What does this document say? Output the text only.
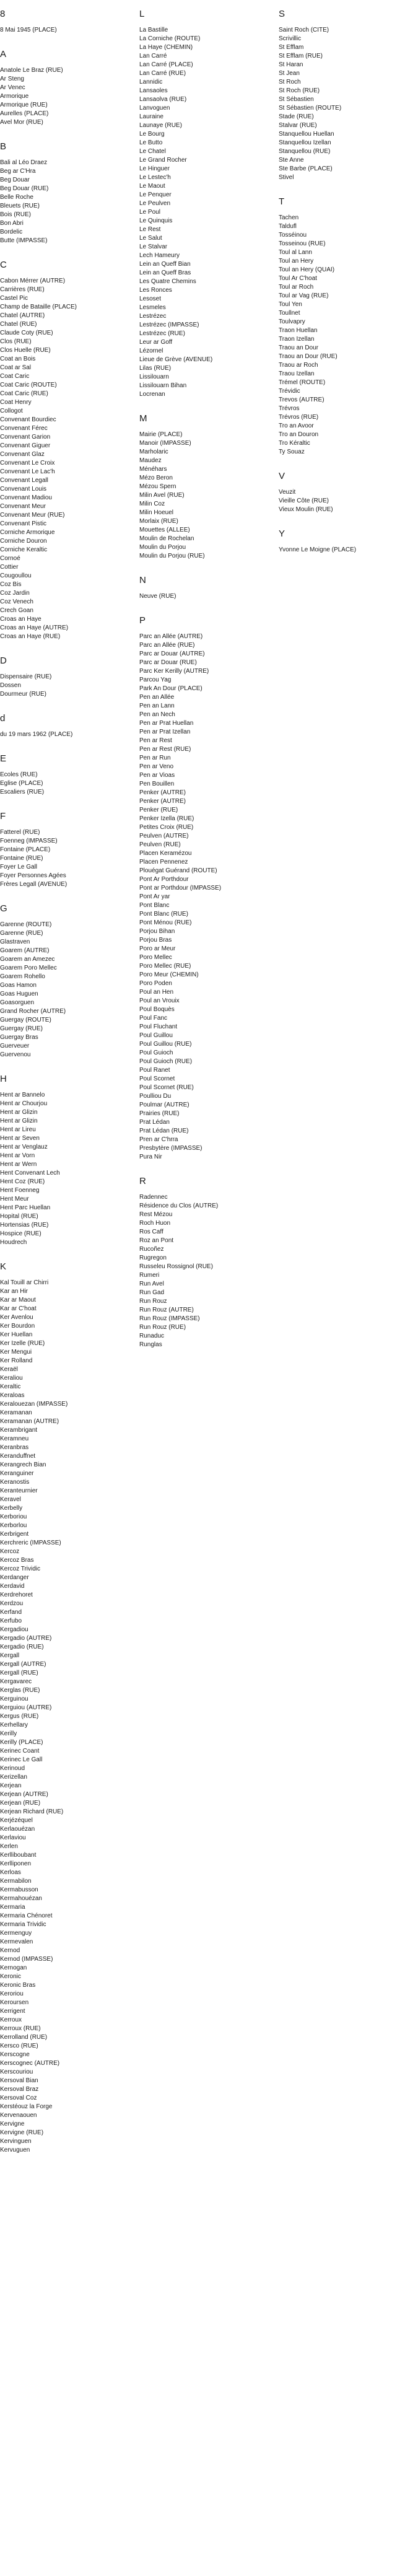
8
8 Mai 1945 (PLACE)
A
Anatole Le Braz (RUE)
Ar Steng
Ar Venec
Armorique
Armorique (RUE)
Aurelles (PLACE)
Avel Mor (RUE)
B
Bali al Léo Draez
Beg ar C'Hra
Beg Douar
Beg Douar (RUE)
Belle Roche
Bleuets (RUE)
Bois (RUE)
Bon Abri
Bordelic
Butte (IMPASSE)
C
Cabon Mérrer (AUTRE)
Carrières (RUE)
Castel Pic
Champ de Bataille (PLACE)
Chatel (AUTRE)
Chatel (RUE)
Claude Coty (RUE)
Clos (RUE)
Clos Huelle (RUE)
Coat an Bois
Coat ar Sal
Coat Caric
Coat Caric (ROUTE)
Coat Caric (RUE)
Coat Henry
Collogot
Convenant Bourdiec
Convenant Férec
Convenant Garion
Convenant Giguer
Convenant Glaz
Convenant Le Croix
Convenant Le Lac'h
Convenant Legall
Convenant Louis
Convenant Madiou
Convenant Meur
Convenant Meur (RUE)
Convenant Pistic
Corniche Armorique
Corniche Douron
Corniche Keraltic
Cornoé
Cottier
Cougoullou
Coz Bis
Coz Jardin
Coz Venech
Crech Goan
Croas an Haye
Croas an Haye (AUTRE)
Croas an Haye (RUE)
D
Dispensaire (RUE)
Dossen
Dourmeur (RUE)
d
du 19 mars 1962 (PLACE)
E
Ecoles (RUE)
Eglise (PLACE)
Escaliers (RUE)
F
Fatterel (RUE)
Foenneg (IMPASSE)
Fontaine (PLACE)
Fontaine (RUE)
Foyer Le Gall
Foyer Personnes Agées
Frères Legall (AVENUE)
G
Garenne (ROUTE)
Garenne (RUE)
Glastraven
Goarem (AUTRE)
Goarem an Amezec
Goarem Poro Mellec
Goarem Rohello
Goas Hamon
Goas Huguen
Goasorguen
Grand Rocher (AUTRE)
Guergay (ROUTE)
Guergay (RUE)
Guergay Bras
Guerveuer
Guervenou
H
Hent ar Bannelo
Hent ar Chourjou
Hent ar Glizin
Hent ar Glizin
Hent ar Lireu
Hent ar Seven
Hent ar Venglauz
Hent ar Vorn
Hent ar Wern
Hent Convenant Lech
Hent Coz (RUE)
Hent Foenneg
Hent Meur
Hent Parc Huellan
Hopital (RUE)
Hortensias (RUE)
Hospice (RUE)
Houdrech
K
Kal Touill ar Chirri
Kar an Hir
Kar ar Maout
Kar ar C'hoat
Ker Avenlou
Ker Bourdon
Ker Huellan
Ker Izelle (RUE)
Ker Mengui
Ker Rolland
Keraël
Keraliou
Keraltic
Keraloas
Keralouezan (IMPASSE)
Keramanan
Keramanan (AUTRE)
Kerambrigant
Keramneu
Keranbras
Keranduffnet
Kerangrech Bian
Keranguiner
Keranostis
Keranteurnier
Keravel
Kerbelly
Kerboriou
Kerborlou
Kerbrigent
Kerchreric (IMPASSE)
Kercoz
Kercoz Bras
Kercoz Trividic
Kerdanger
Kerdavid
Kerdrehoret
Kerdzou
Kerfand
Kerfubo
Kergadiou
Kergadio (AUTRE)
Kergadio (RUE)
Kergall
Kergall (AUTRE)
Kergall (RUE)
Kergavarec
Kerglas (RUE)
Kerguinou
Kerguiou (AUTRE)
Kergus (RUE)
Kerhellary
Kerilly
Kerilly (PLACE)
Kerinec Coant
Kerinec Le Gall
Kerinoud
Kerizellan
Kerjean
Kerjean (AUTRE)
Kerjean (RUE)
Kerjean Richard (RUE)
Kerjézéquel
Kerlaouézan
Kerlaviou
Kerlen
Kerlliboubant
Kerlliponen
Kerloas
Kermabilon
Kermabusson
Kermahouézan
Kermaria
Kermaria Chénoret
Kermaria Trividic
Kermenguy
Kermevalen
Kernod
Kernod (IMPASSE)
Kernogan
Keronic
Keronic Bras
Keroriou
Keroursen
Kerrigent
Kerroux
Kerroux (RUE)
Kerrolland (RUE)
Kersco (RUE)
Kerscogne
Kerscognec (AUTRE)
Kerscouriou
Kersoval Bian
Kersoval Braz
Kersoval Coz
Kerstéouz la Forge
Kervenaouen
Kervigne
Kervigne (RUE)
Kervinguen
Kervuguen
L
La Bastille
La Corniche (ROUTE)
La Haye (CHEMIN)
Lan Carré
Lan Carré (PLACE)
Lan Carré (RUE)
Lannidic
Lansaoles
Lansaolva (RUE)
Lanvoguen
Lauraine
Launaye (RUE)
Le Bourg
Le Butto
Le Chatel
Le Grand Rocher
Le Hinguer
Le Lestec'h
Le Maout
Le Penquer
Le Peulven
Le Poul
Le Quinquis
Le Rest
Le Salut
Le Stalvar
Lech Hameury
Lein an Queff Bian
Lein an Queff Bras
Les Quatre Chemins
Les Ronces
Lesoset
Lesmeles
Lestrézec
Lestrézec (IMPASSE)
Lestrézec (RUE)
Leur ar Goff
Lézornel
Lieue de Grève (AVENUE)
Lilas (RUE)
Lissilouarn
Lissilouarn Bihan
Locrenan
M
Mairie (PLACE)
Manoir (IMPASSE)
Marholaric
Maudez
Ménéhars
Mézo Beron
Mézou Spern
Milin Avel (RUE)
Milin Coz
Milin Hoeuel
Morlaix (RUE)
Mouettes (ALLEE)
Moulin de Rochelan
Moulin du Porjou
Moulin du Porjou (RUE)
N
Neuve (RUE)
P
Parc an Allée (AUTRE)
Parc an Allée (RUE)
Parc ar Douar (AUTRE)
Parc ar Douar (RUE)
Parc Ker Kerilly (AUTRE)
Parcou Yag
Park An Dour (PLACE)
Pen an Allée
Pen an Lann
Pen an Nech
Pen ar Prat Huellan
Pen ar Prat Izellan
Pen ar Rest
Pen ar Rest (RUE)
Pen ar Run
Pen ar Veno
Pen ar Vioas
Pen Bouillen
Penker (AUTRE)
Penker (AUTRE)
Penker (RUE)
Penker Izella (RUE)
Petites Croix (RUE)
Peulven (AUTRE)
Peulven (RUE)
Placen Keramézou
Placen Pennenez
Plouégat Guérand (ROUTE)
Pont Ar Porthdour
Pont ar Porthdour (IMPASSE)
Pont Ar yar
Pont Blanc
Pont Blanc (RUE)
Pont Ménou (RUE)
Porjou Bihan
Porjou Bras
Poro ar Meur
Poro Mellec
Poro Mellec (RUE)
Poro Meur (CHEMIN)
Poro Poden
Poul an Hen
Poul an Vrouix
Poul Boquès
Poul Fanc
Poul Fluchant
Poul Guillou
Poul Guillou (RUE)
Poul Guioch
Poul Guioch (RUE)
Poul Ranet
Poul Scornet
Poul Scornet (RUE)
Poulliou Du
Poulmar (AUTRE)
Prairies (RUE)
Prat Lédan
Prat Lédan (RUE)
Pren ar C'hrra
Presbytère (IMPASSE)
Pura Nir
R
Radennec
Résidence du Clos (AUTRE)
Rest Mézou
Roch Huon
Ros Caff
Roz an Pont
Rucoñez
Rugregon
Russeleu Rossignol (RUE)
Rumeri
Run Avel
Run Gad
Run Rouz
Run Rouz (AUTRE)
Run Rouz (IMPASSE)
Run Rouz (RUE)
Runaduc
Runglas
S
Saint Roch (CITE)
Scrivillic
St Efflam
St Efflam (RUE)
St Haran
St Jean
St Roch
St Roch (RUE)
St Sébastien
St Sébastien (ROUTE)
Stade (RUE)
Stalvar (RUE)
Stanquellou Huellan
Stanquellou Izellan
Stanquellou (RUE)
Ste Anne
Ste Barbe (PLACE)
Stivel
T
Tachen
Taldufl
Tosséinou
Tosseinou (RUE)
Toul al Lann
Toul an Hery
Toul an Hery (QUAI)
Toul Ar C'hoat
Toul ar Roch
Toul ar Vag (RUE)
Toul Yen
Toullnet
Toulvapry
Traon Huellan
Traon Izellan
Traou an Dour
Traou an Dour (RUE)
Traou ar Roch
Traou Izellan
Trémel (ROUTE)
Trévidic
Trevos (AUTRE)
Trévros
Trévros (RUE)
Tro an Avoor
Tro an Douron
Tro Kéraltic
Ty Souaz
V
Veuzit
Vieille Côte (RUE)
Vieux Moulin (RUE)
Y
Yvonne Le Moigne (PLACE)
